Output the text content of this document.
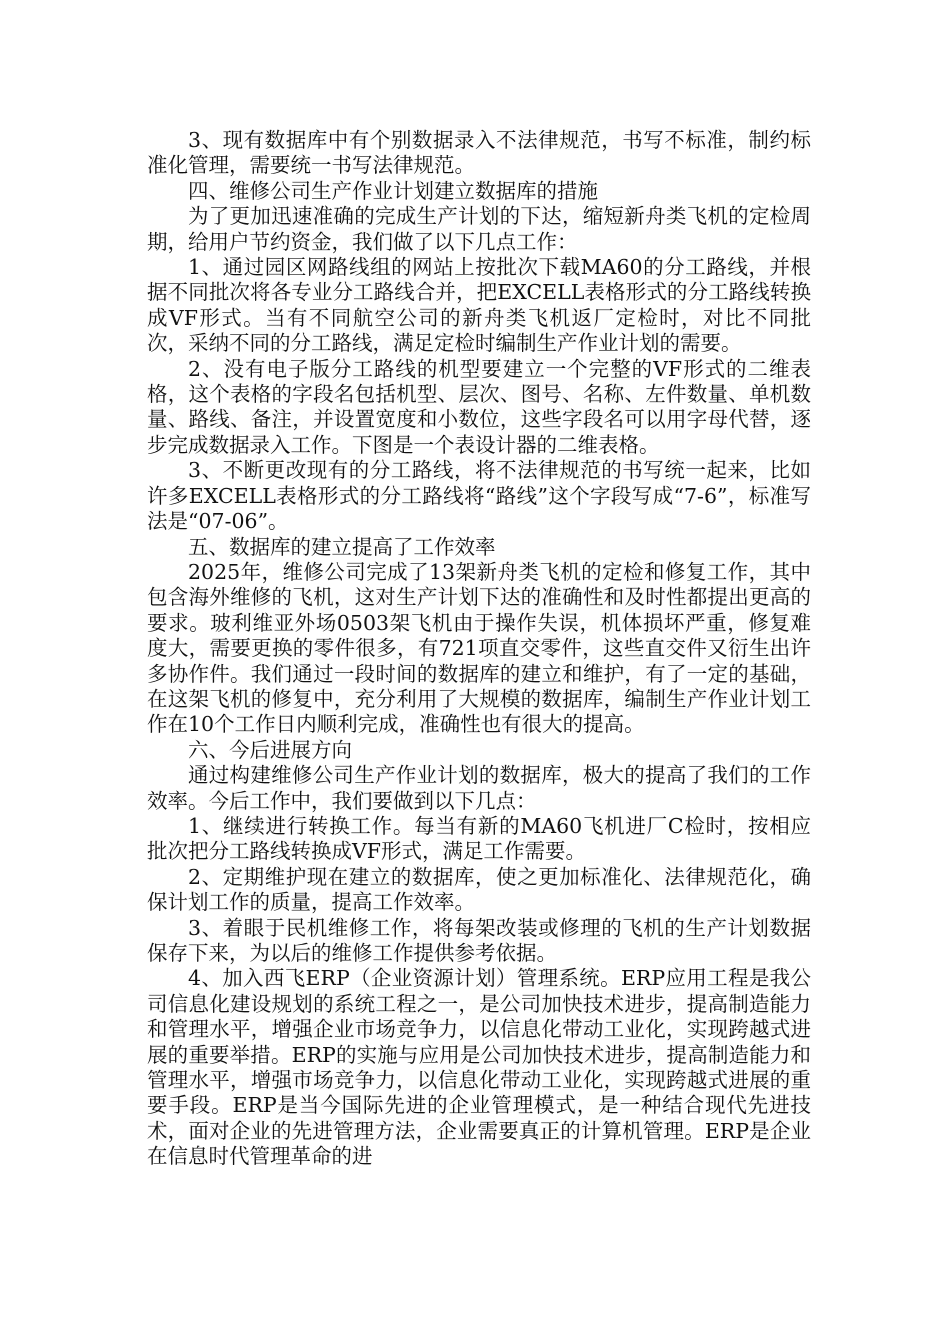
3、现有数据库中有个别数据录入不法律规范，书写不标准，制约标准化管理，需要统一书写法律规范。

四、维修公司生产作业计划建立数据库的措施

为了更加迅速准确的完成生产计划的下达，缩短新舟类飞机的定检周期，给用户节约资金，我们做了以下几点工作：

1、通过园区网路线组的网站上按批次下载MA60的分工路线，并根据不同批次将各专业分工路线合并，把EXCELL表格形式的分工路线转换成VF形式。当有不同航空公司的新舟类飞机返厂定检时，对比不同批次，采纳不同的分工路线，满足定检时编制生产作业计划的需要。

2、没有电子版分工路线的机型要建立一个完整的VF形式的二维表格，这个表格的字段名包括机型、层次、图号、名称、左件数量、单机数量、路线、备注，并设置宽度和小数位，这些字段名可以用字母代替，逐步完成数据录入工作。下图是一个表设计器的二维表格。

3、不断更改现有的分工路线，将不法律规范的书写统一起来，比如许多EXCELL表格形式的分工路线将“路线”这个字段写成“7-6”，标准写法是“07-06”。

五、数据库的建立提高了工作效率

2025年，维修公司完成了13架新舟类飞机的定检和修复工作，其中包含海外维修的飞机，这对生产计划下达的准确性和及时性都提出更高的要求。玻利维亚外场0503架飞机由于操作失误，机体损坏严重，修复难度大，需要更换的零件很多，有721项直交零件，这些直交件又衍生出许多协作件。我们通过一段时间的数据库的建立和维护，有了一定的基础，在这架飞机的修复中，充分利用了大规模的数据库，编制生产作业计划工作在10个工作日内顺利完成，准确性也有很大的提高。

六、今后进展方向

通过构建维修公司生产作业计划的数据库，极大的提高了我们的工作效率。今后工作中，我们要做到以下几点：

1、继续进行转换工作。每当有新的MA60飞机进厂C检时，按相应批次把分工路线转换成VF形式，满足工作需要。

2、定期维护现在建立的数据库，使之更加标准化、法律规范化，确保计划工作的质量，提高工作效率。

3、着眼于民机维修工作，将每架改装或修理的飞机的生产计划数据保存下来，为以后的维修工作提供参考依据。

4、加入西飞ERP（企业资源计划）管理系统。ERP应用工程是我公司信息化建设规划的系统工程之一，是公司加快技术进步，提高制造能力和管理水平，增强企业市场竞争力，以信息化带动工业化，实现跨越式进展的重要举措。ERP的实施与应用是公司加快技术进步，提高制造能力和管理水平，增强市场竞争力，以信息化带动工业化，实现跨越式进展的重要手段。ERP是当今国际先进的企业管理模式，是一种结合现代先进技术，面对企业的先进管理方法，企业需要真正的计算机管理。ERP是企业在信息时代管理革命的进
